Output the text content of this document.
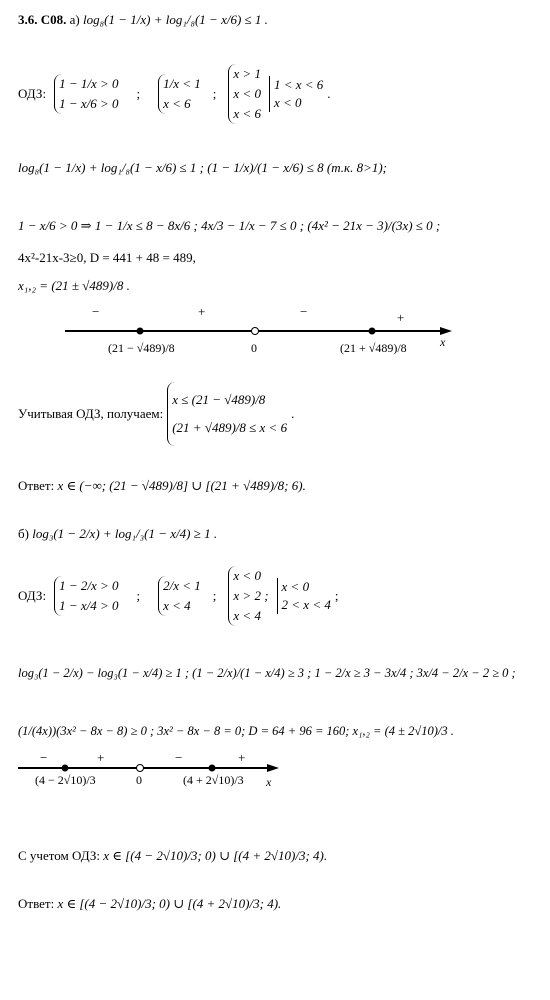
3.6. C08. а) log₈(1 − 1/x) + log₁/₈(1 − x/6) ≤ 1 .
ОДЗ:
1 − 1/x > 0
1 − x/6 > 0
;
1/x < 1
x < 6
;
x > 1
x < 0
x < 6
1 < x < 6
x < 0
.
log₈(1 − 1/x) + log₁/₈(1 − x/6) ≤ 1 ; (1 − 1/x)/(1 − x/6) ≤ 8 (т.к. 8>1);
1 − x/6 > 0 ⇒ 1 − 1/x ≤ 8 − 8x/6 ; 4x/3 − 1/x − 7 ≤ 0 ; (4x² − 21x − 3)/(3x) ≤ 0 ;
4x²-21x-3≥0, D = 441 + 48 = 489,
x₁,₂ = (21 ± √489)/8 .
−	+	−	+
(21 − √489)/8	0	(21 + √489)/8	x
Учитывая ОДЗ, получаем:
x ≤ (21 − √489)/8
(21 + √489)/8 ≤ x < 6
.
Ответ: x ∈ (−∞; (21 − √489)/8] ∪ [(21 + √489)/8; 6).
б) log₃(1 − 2/x) + log₁/₃(1 − x/4) ≥ 1 .
ОДЗ:
1 − 2/x > 0
1 − x/4 > 0
;
2/x < 1
x < 4
;
x < 0
x > 2 ;
x < 4
x < 0
2 < x < 4
;
log₃(1 − 2/x) − log₃(1 − x/4) ≥ 1 ; (1 − 2/x)/(1 − x/4) ≥ 3 ; 1 − 2/x ≥ 3 − 3x/4 ; 3x/4 − 2/x − 2 ≥ 0 ;
(1/(4x))(3x² − 8x − 8) ≥ 0 ; 3x² − 8x − 8 = 0; D = 64 + 96 = 160; x₁,₂ = (4 ± 2√10)/3 .
−	+	−	+
(4 − 2√10)/3	0	(4 + 2√10)/3 x
С учетом ОДЗ: x ∈ [(4 − 2√10)/3; 0) ∪ [(4 + 2√10)/3; 4).
Ответ: x ∈ [(4 − 2√10)/3; 0) ∪ [(4 + 2√10)/3; 4).
